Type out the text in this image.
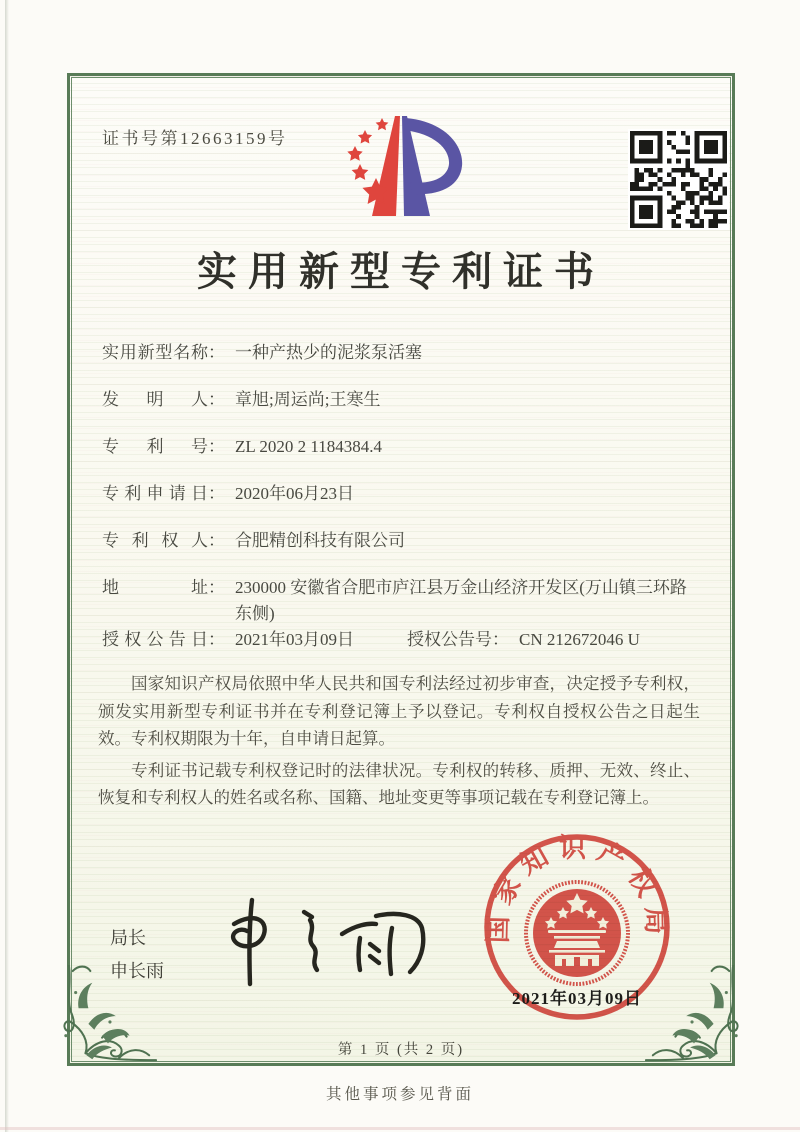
证书号第12663159号
实用新型专利证书
实用新型名称 ： 一种产热少的泥浆泵活塞
发明人 ： 章旭;周运尚;王寒生
专利号 ： ZL 2020 2 1184384.4
专利申请日 ： 2020年06月23日
专利权人 ： 合肥精创科技有限公司
地址 ： 230000 安徽省合肥市庐江县万金山经济开发区(万山镇三环路东侧)
授权公告日 ： 2021年03月09日	授权公告号 ： CN 212672046 U

国家知识产权局依照中华人民共和国专利法经过初步审查，决定授予专利权，颁发实用新型专利证书并在专利登记簿上予以登记。专利权自授权公告之日起生效。专利权期限为十年，自申请日起算。

专利证书记载专利权登记时的法律状况。专利权的转移、质押、无效、终止、恢复和专利权人的姓名或名称、国籍、地址变更等事项记载在专利登记簿上。

局长
申长雨
国家知识产权局
2021年03月09日
第 1 页 (共 2 页)
其他事项参见背面
